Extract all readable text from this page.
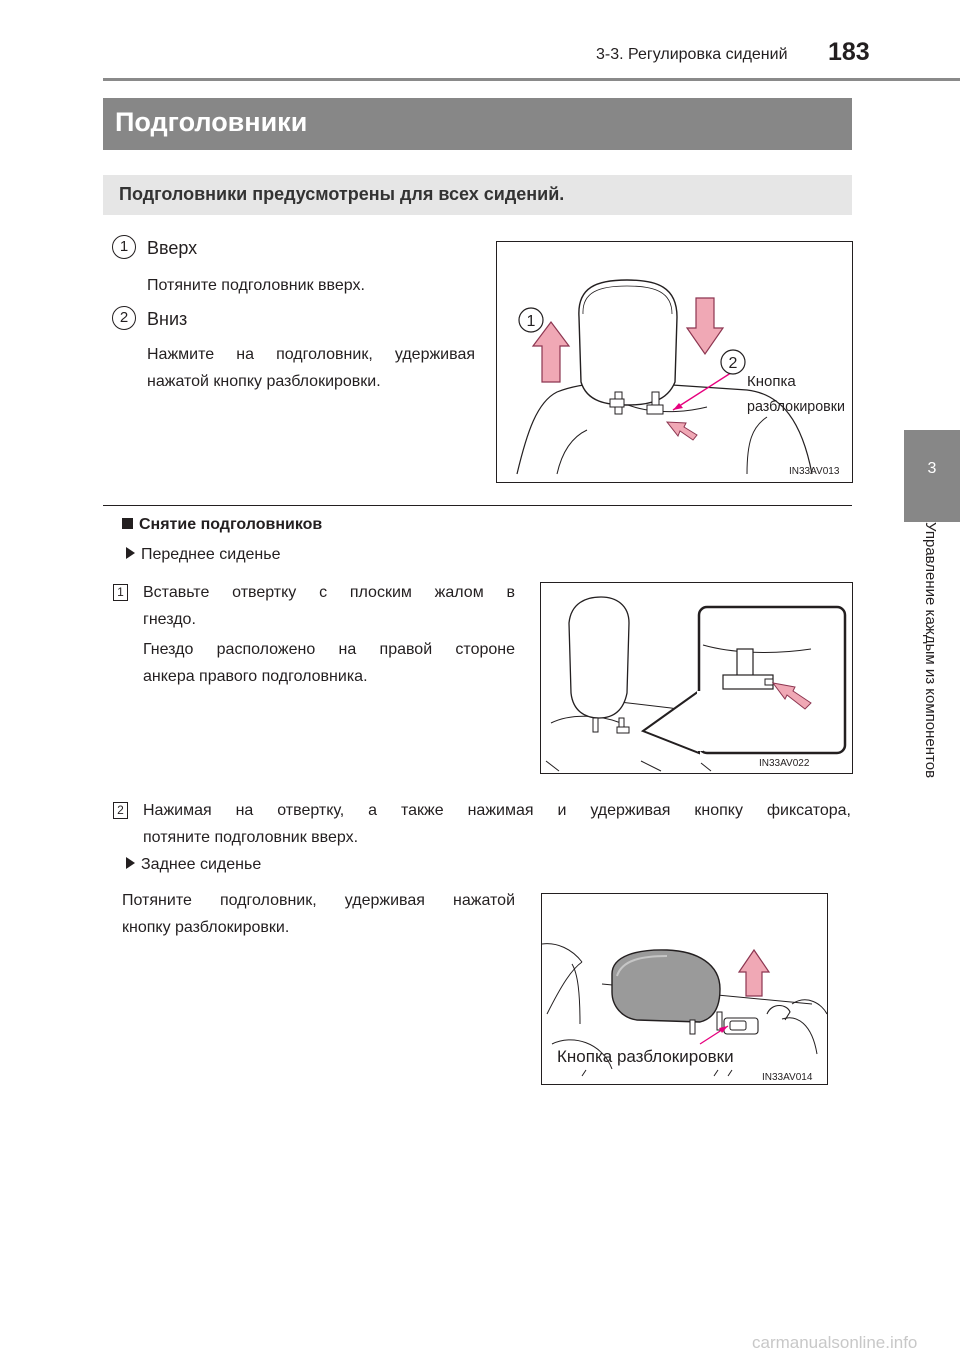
3-3. Регулировка сидений 183
Подголовники
Подголовники предусмотрены для всех сидений.
3
Управление каждым из компонентов
1	Вверх
Потяните подголовник вверх.
2	Вниз
Нажмите на подголовник, удерживая
нажатой кнопку разблокировки.
1
2
Кнопка
разблокировки
IN33AV013
Снятие подголовников
Переднее сиденье
1 Вставьте отвертку с плоским жалом в
гнездо.
Гнездо расположено на правой стороне
анкера правого подголовника.
IN33AV022
2 Нажимая на отвертку, а также нажимая и удерживая кнопку фиксатора,
потяните подголовник вверх.
Заднее сиденье
Потяните подголовник, удерживая нажатой
кнопку разблокировки.
Кнопка разблокировки
IN33AV014
carmanualsonline.info
